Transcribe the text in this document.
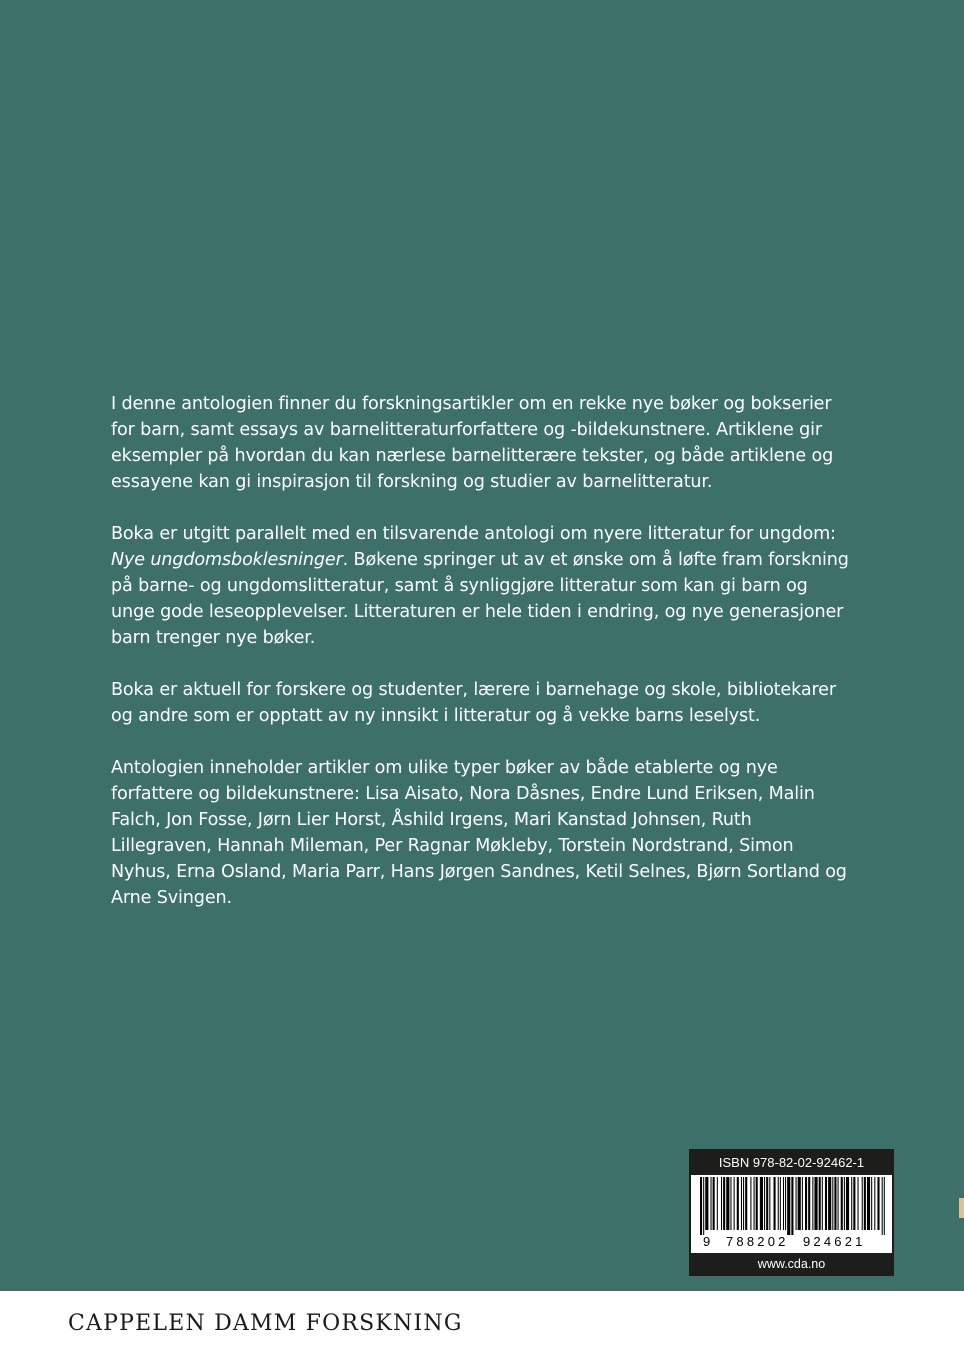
I denne antologien finner du forskningsartikler om en rekke nye bøker og bokserier for barn, samt essays av barnelitteraturforfattere og -bildekunstnere. Artiklene gir eksempler på hvordan du kan nærlese barnelitterære tekster, og både artiklene og essayene kan gi inspirasjon til forskning og studier av barnelitteratur.

Boka er utgitt parallelt med en tilsvarende antologi om nyere litteratur for ungdom: Nye ungdomsboklesninger. Bøkene springer ut av et ønske om å løfte fram forskning på barne- og ungdomslitteratur, samt å synliggjøre litteratur som kan gi barn og unge gode leseopplevelser. Litteraturen er hele tiden i endring, og nye generasjoner barn trenger nye bøker.

Boka er aktuell for forskere og studenter, lærere i barnehage og skole, bibliotekarer og andre som er opptatt av ny innsikt i litteratur og å vekke barns leselyst.

Antologien inneholder artikler om ulike typer bøker av både etablerte og nye forfattere og bildekunstnere: Lisa Aisato, Nora Dåsnes, Endre Lund Eriksen, Malin Falch, Jon Fosse, Jørn Lier Horst, Åshild Irgens, Mari Kanstad Johnsen, Ruth Lillegraven, Hannah Mileman, Per Ragnar Møkleby, Torstein Nordstrand, Simon Nyhus, Erna Osland, Maria Parr, Hans Jørgen Sandnes, Ketil Selnes, Bjørn Sortland og Arne Svingen.

ISBN 978-82-02-92462-1
9 788202 924621
www.cda.no
CAPPELEN DAMM FORSKNING
